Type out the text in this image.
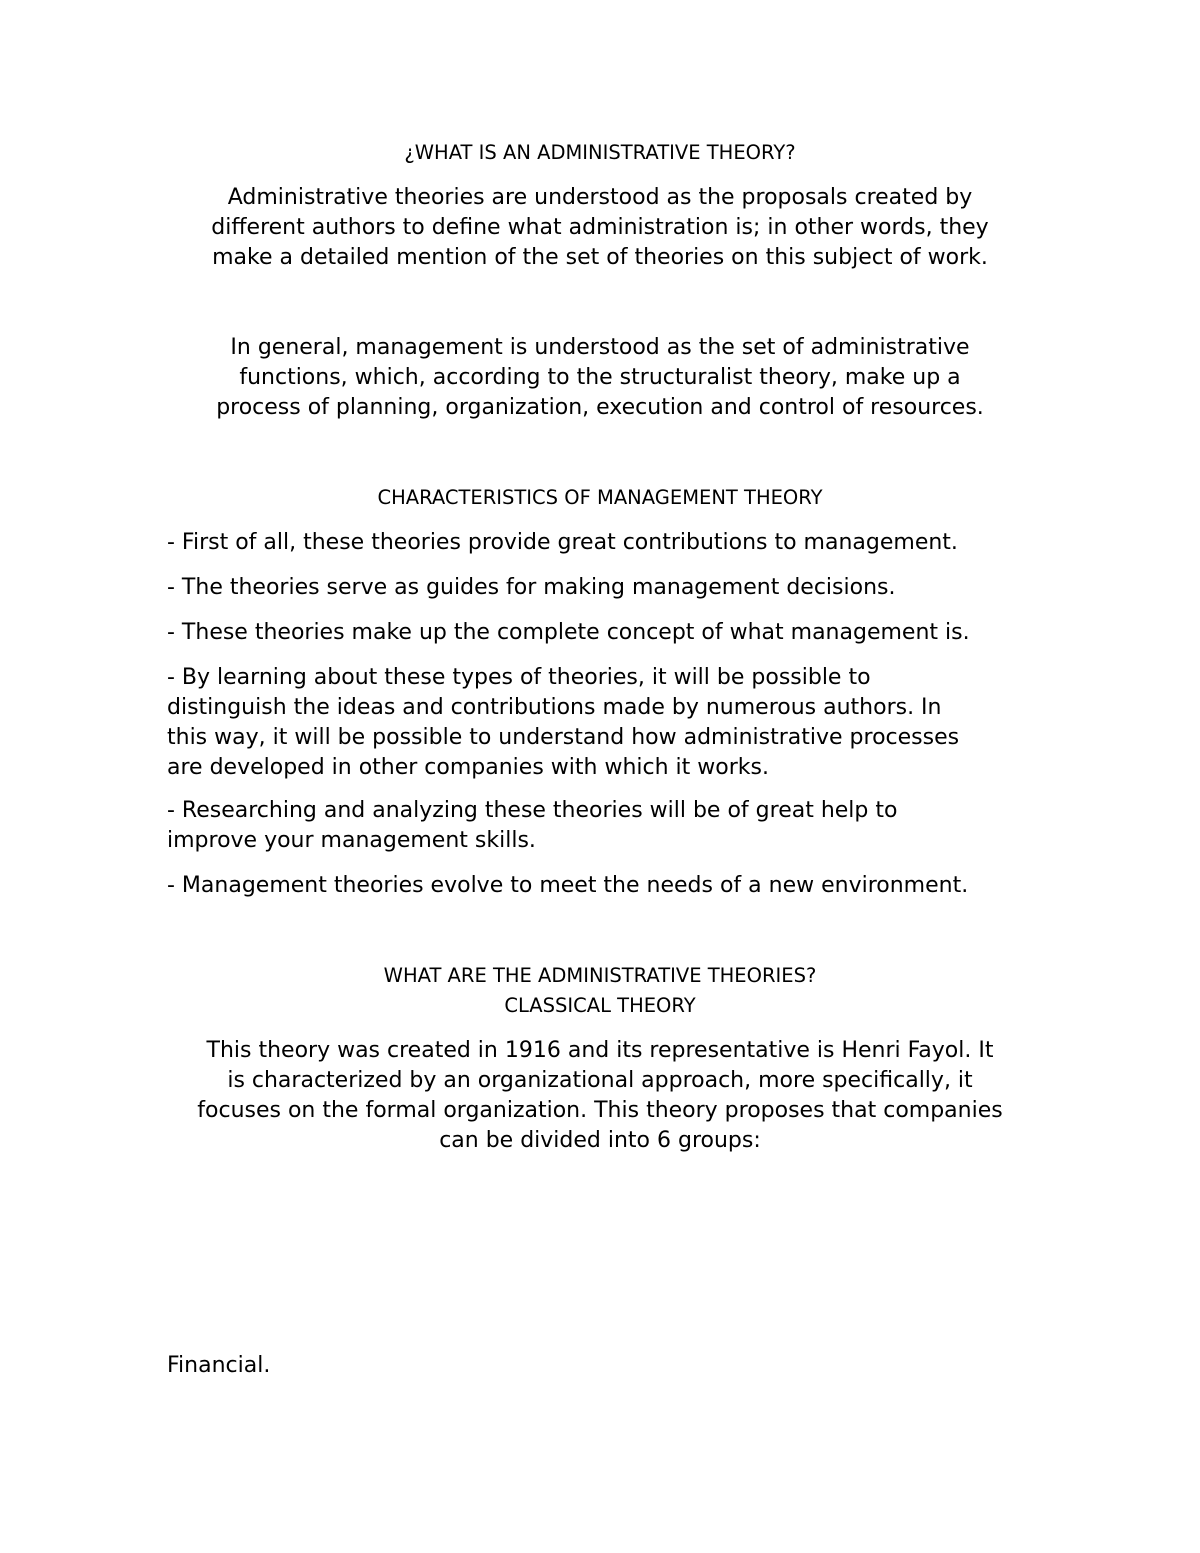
¿WHAT IS AN ADMINISTRATIVE THEORY?

Administrative theories are understood as the proposals created by
different authors to define what administration is; in other words, they
make a detailed mention of the set of theories on this subject of work.

In general, management is understood as the set of administrative
functions, which, according to the structuralist theory, make up a
process of planning, organization, execution and control of resources.

CHARACTERISTICS OF MANAGEMENT THEORY

- First of all, these theories provide great contributions to management.

- The theories serve as guides for making management decisions.

- These theories make up the complete concept of what management is.

- By learning about these types of theories, it will be possible to
distinguish the ideas and contributions made by numerous authors. In
this way, it will be possible to understand how administrative processes
are developed in other companies with which it works.

- Researching and analyzing these theories will be of great help to
improve your management skills.

- Management theories evolve to meet the needs of a new environment.

WHAT ARE THE ADMINISTRATIVE THEORIES?
CLASSICAL THEORY

This theory was created in 1916 and its representative is Henri Fayol. It
is characterized by an organizational approach, more specifically, it
focuses on the formal organization. This theory proposes that companies
can be divided into 6 groups:

Financial.
